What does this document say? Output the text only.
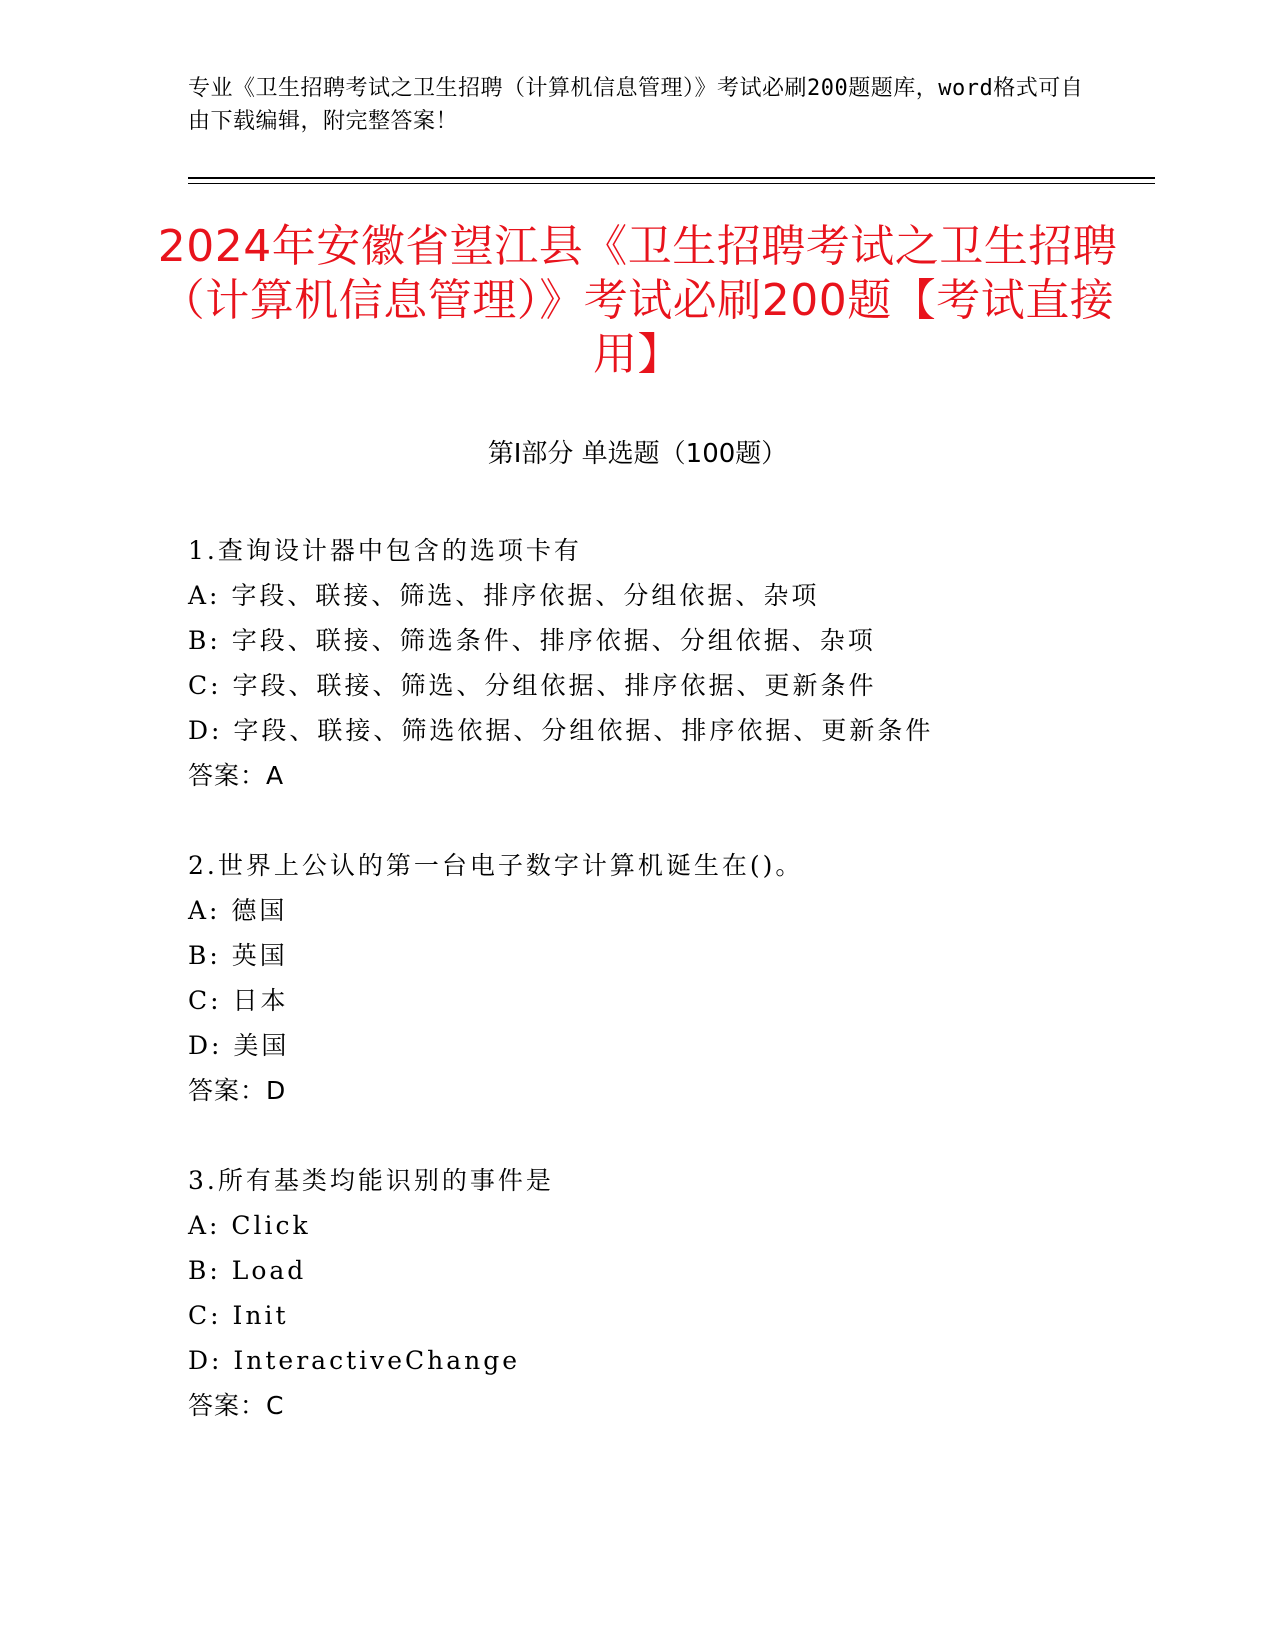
专业《卫生招聘考试之卫生招聘（计算机信息管理）》考试必刷200题题库，word格式可自由下载编辑，附完整答案！
2024年安徽省望江县《卫生招聘考试之卫生招聘（计算机信息管理）》考试必刷200题【考试直接用】
第Ⅰ部分 单选题（100题）
1.查询设计器中包含的选项卡有
A: 字段、联接、筛选、排序依据、分组依据、杂项
B: 字段、联接、筛选条件、排序依据、分组依据、杂项
C: 字段、联接、筛选、分组依据、排序依据、更新条件
D: 字段、联接、筛选依据、分组依据、排序依据、更新条件
答案：A
2.世界上公认的第一台电子数字计算机诞生在()。
A: 德国
B: 英国
C: 日本
D: 美国
答案：D
3.所有基类均能识别的事件是
A: Click
B: Load
C: Init
D: InteractiveChange
答案：C
